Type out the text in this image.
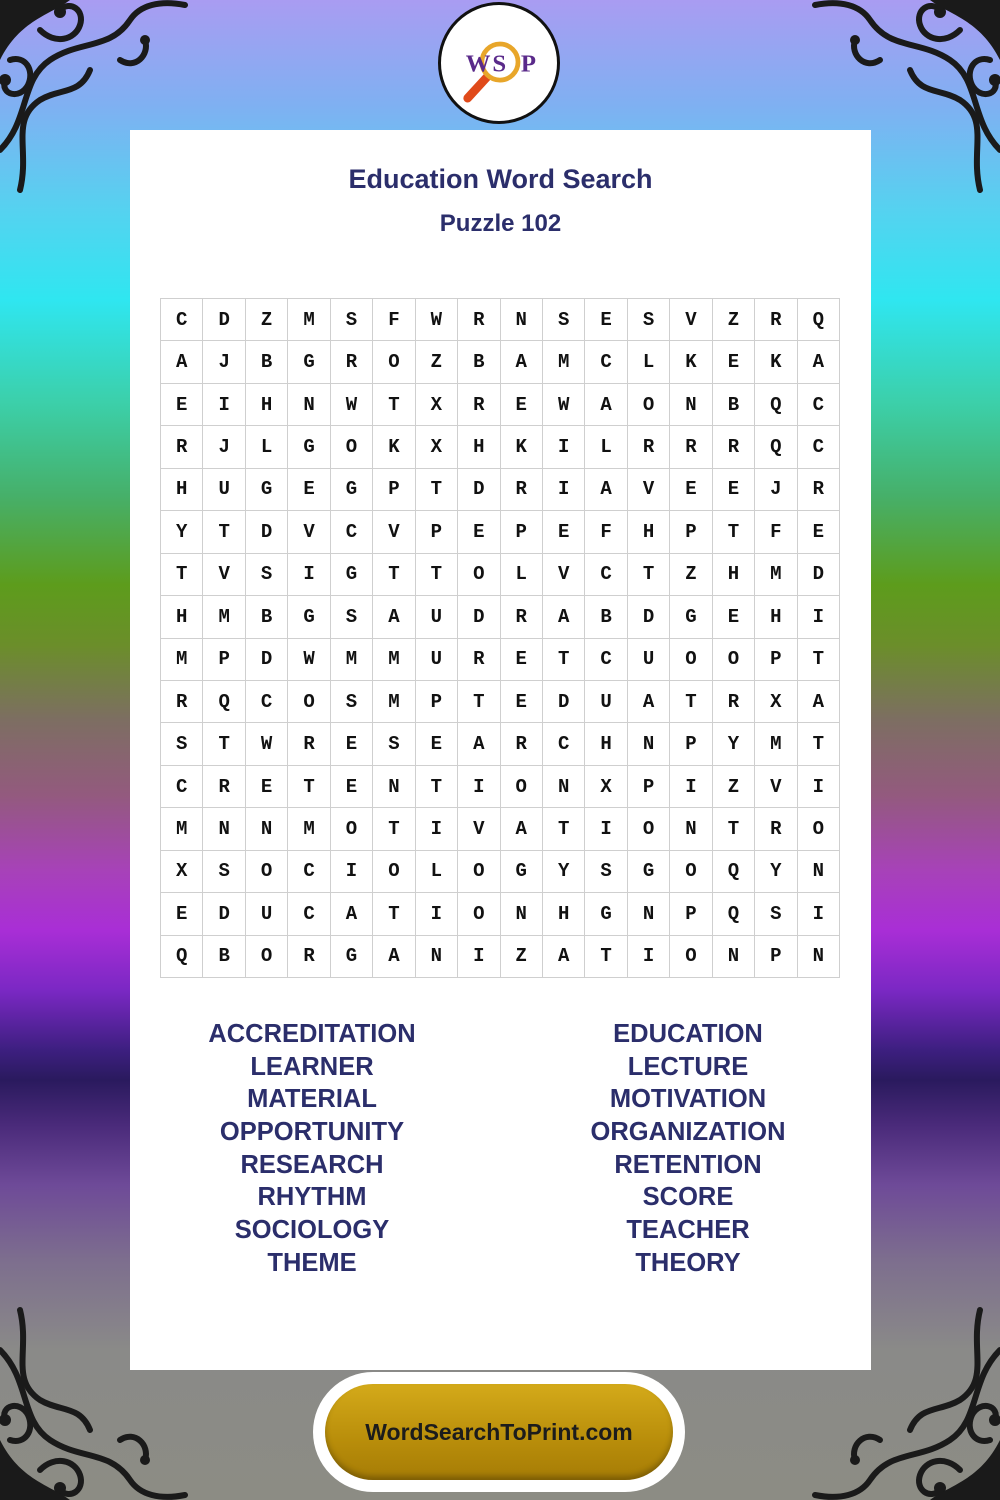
W S P
Education Word Search
Puzzle 102
C	D	Z	M	S	F	W	R	N	S	E	S	V	Z	R	Q
A	J	B	G	R	O	Z	B	A	M	C	L	K	E	K	A
E	I	H	N	W	T	X	R	E	W	A	O	N	B	Q	C
R	J	L	G	O	K	X	H	K	I	L	R	R	R	Q	C
H	U	G	E	G	P	T	D	R	I	A	V	E	E	J	R
Y	T	D	V	C	V	P	E	P	E	F	H	P	T	F	E
T	V	S	I	G	T	T	O	L	V	C	T	Z	H	M	D
H	M	B	G	S	A	U	D	R	A	B	D	G	E	H	I
M	P	D	W	M	M	U	R	E	T	C	U	O	O	P	T
R	Q	C	O	S	M	P	T	E	D	U	A	T	R	X	A
S	T	W	R	E	S	E	A	R	C	H	N	P	Y	M	T
C	R	E	T	E	N	T	I	O	N	X	P	I	Z	V	I
M	N	N	M	O	T	I	V	A	T	I	O	N	T	R	O
X	S	O	C	I	O	L	O	G	Y	S	G	O	Q	Y	N
E	D	U	C	A	T	I	O	N	H	G	N	P	Q	S	I
Q	B	O	R	G	A	N	I	Z	A	T	I	O	N	P	N
ACCREDITATION
LEARNER
MATERIAL
OPPORTUNITY
RESEARCH
RHYTHM
SOCIOLOGY
THEME
EDUCATION
LECTURE
MOTIVATION
ORGANIZATION
RETENTION
SCORE
TEACHER
THEORY
WordSearchToPrint.com
